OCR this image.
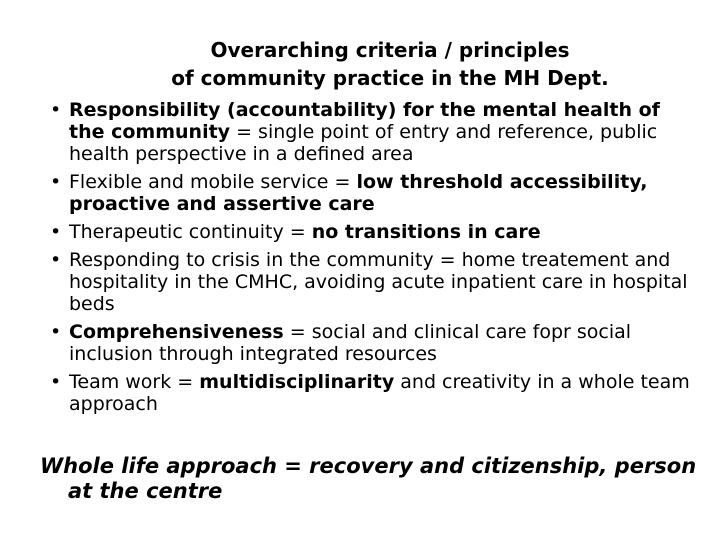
Overarching criteria / principles
of community practice in the MH Dept.
• Responsibility (accountability) for the mental health of the community = single point of entry and reference, public health perspective in a defined area
• Flexible and mobile service = low threshold accessibility, proactive and assertive care
• Therapeutic continuity = no transitions in care
• Responding to crisis in the community = home treatement and hospitality in the CMHC, avoiding acute inpatient care in hospital beds
• Comprehensiveness = social and clinical care fopr social inclusion through integrated resources
• Team work = multidisciplinarity and creativity in a whole team approach
Whole life approach = recovery and citizenship, person at the centre
